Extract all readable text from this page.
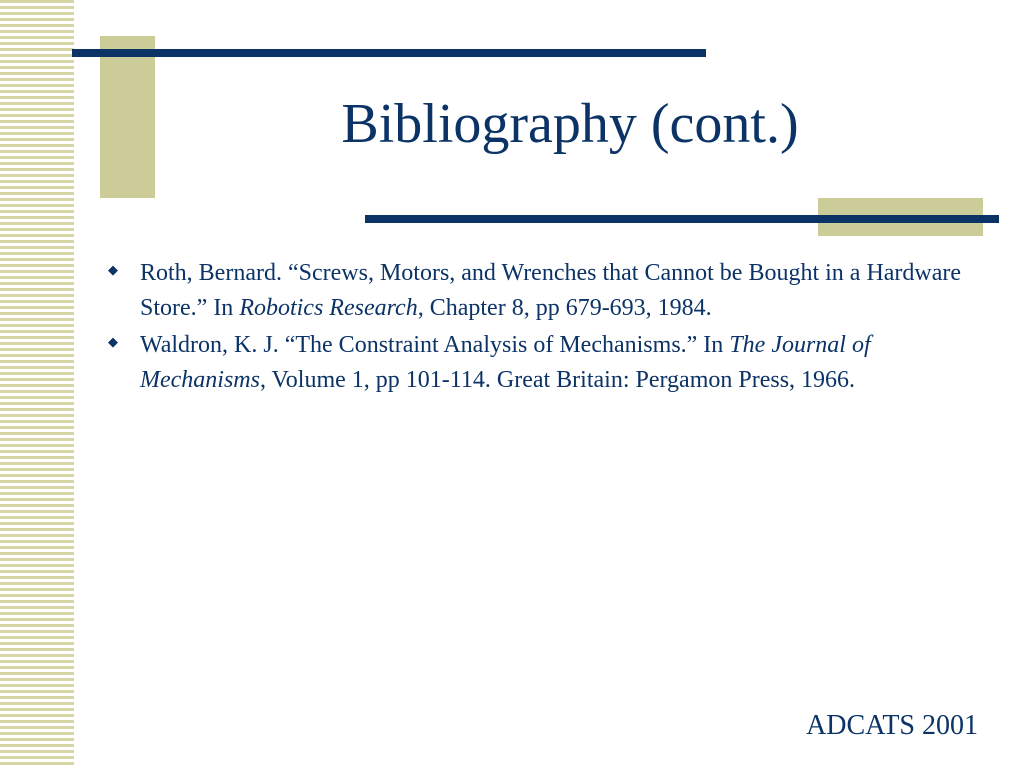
Bibliography (cont.)
◆ Roth, Bernard. “Screws, Motors, and Wrenches that Cannot be Bought in a Hardware Store.” In Robotics Research, Chapter 8, pp 679-693, 1984.
◆ Waldron, K. J. “The Constraint Analysis of Mechanisms.” In The Journal of Mechanisms, Volume 1, pp 101-114. Great Britain: Pergamon Press, 1966.
ADCATS 2001
